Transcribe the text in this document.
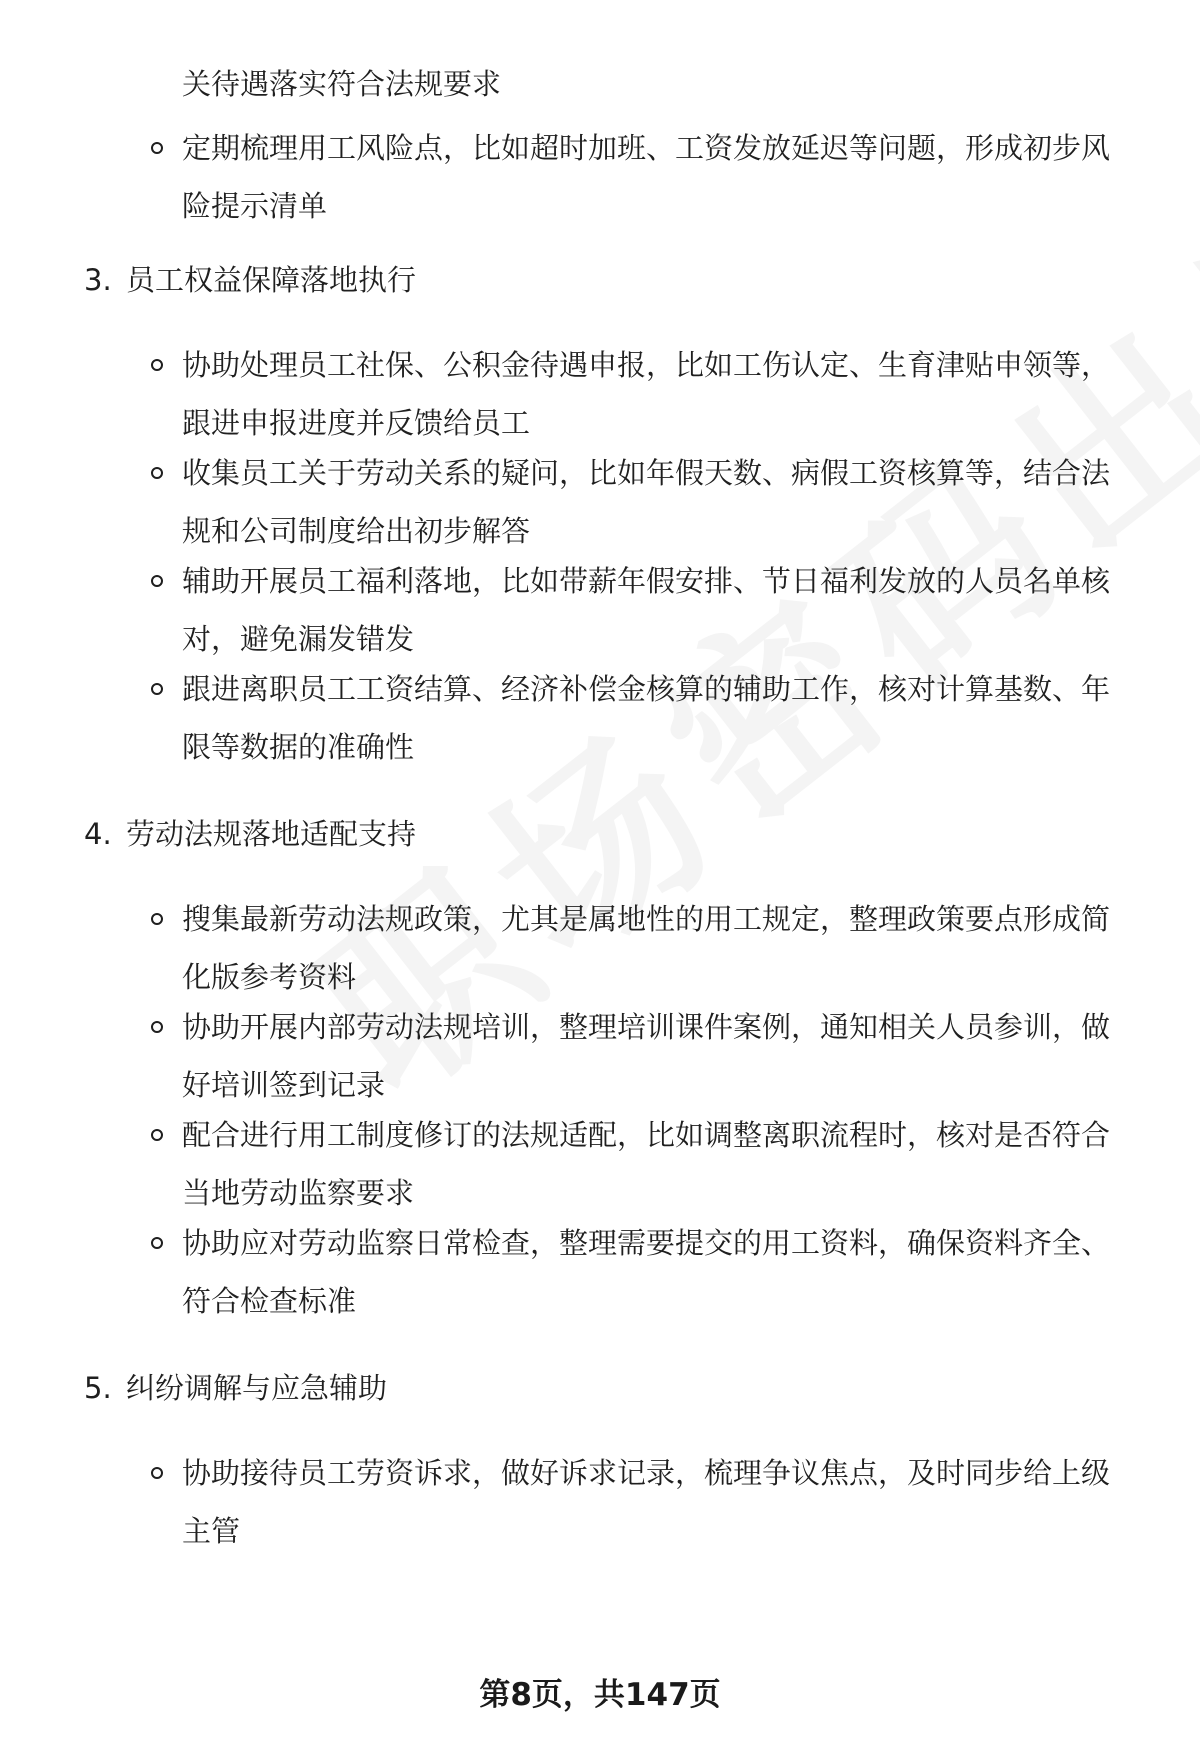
关待遇落实符合法规要求
定期梳理用工风险点，比如超时加班、工资发放延迟等问题，形成初步风
险提示清单
3. 员工权益保障落地执行
协助处理员工社保、公积金待遇申报，比如工伤认定、生育津贴申领等，
跟进申报进度并反馈给员工
收集员工关于劳动关系的疑问，比如年假天数、病假工资核算等，结合法
规和公司制度给出初步解答
辅助开展员工福利落地，比如带薪年假安排、节日福利发放的人员名单核
对，避免漏发错发
跟进离职员工工资结算、经济补偿金核算的辅助工作，核对计算基数、年
限等数据的准确性
4. 劳动法规落地适配支持
搜集最新劳动法规政策，尤其是属地性的用工规定，整理政策要点形成简
化版参考资料
协助开展内部劳动法规培训，整理培训课件案例，通知相关人员参训，做
好培训签到记录
配合进行用工制度修订的法规适配，比如调整离职流程时，核对是否符合
当地劳动监察要求
协助应对劳动监察日常检查，整理需要提交的用工资料，确保资料齐全、
符合检查标准
5. 纠纷调解与应急辅助
协助接待员工劳资诉求，做好诉求记录，梳理争议焦点，及时同步给上级
主管
第8页，共147页
